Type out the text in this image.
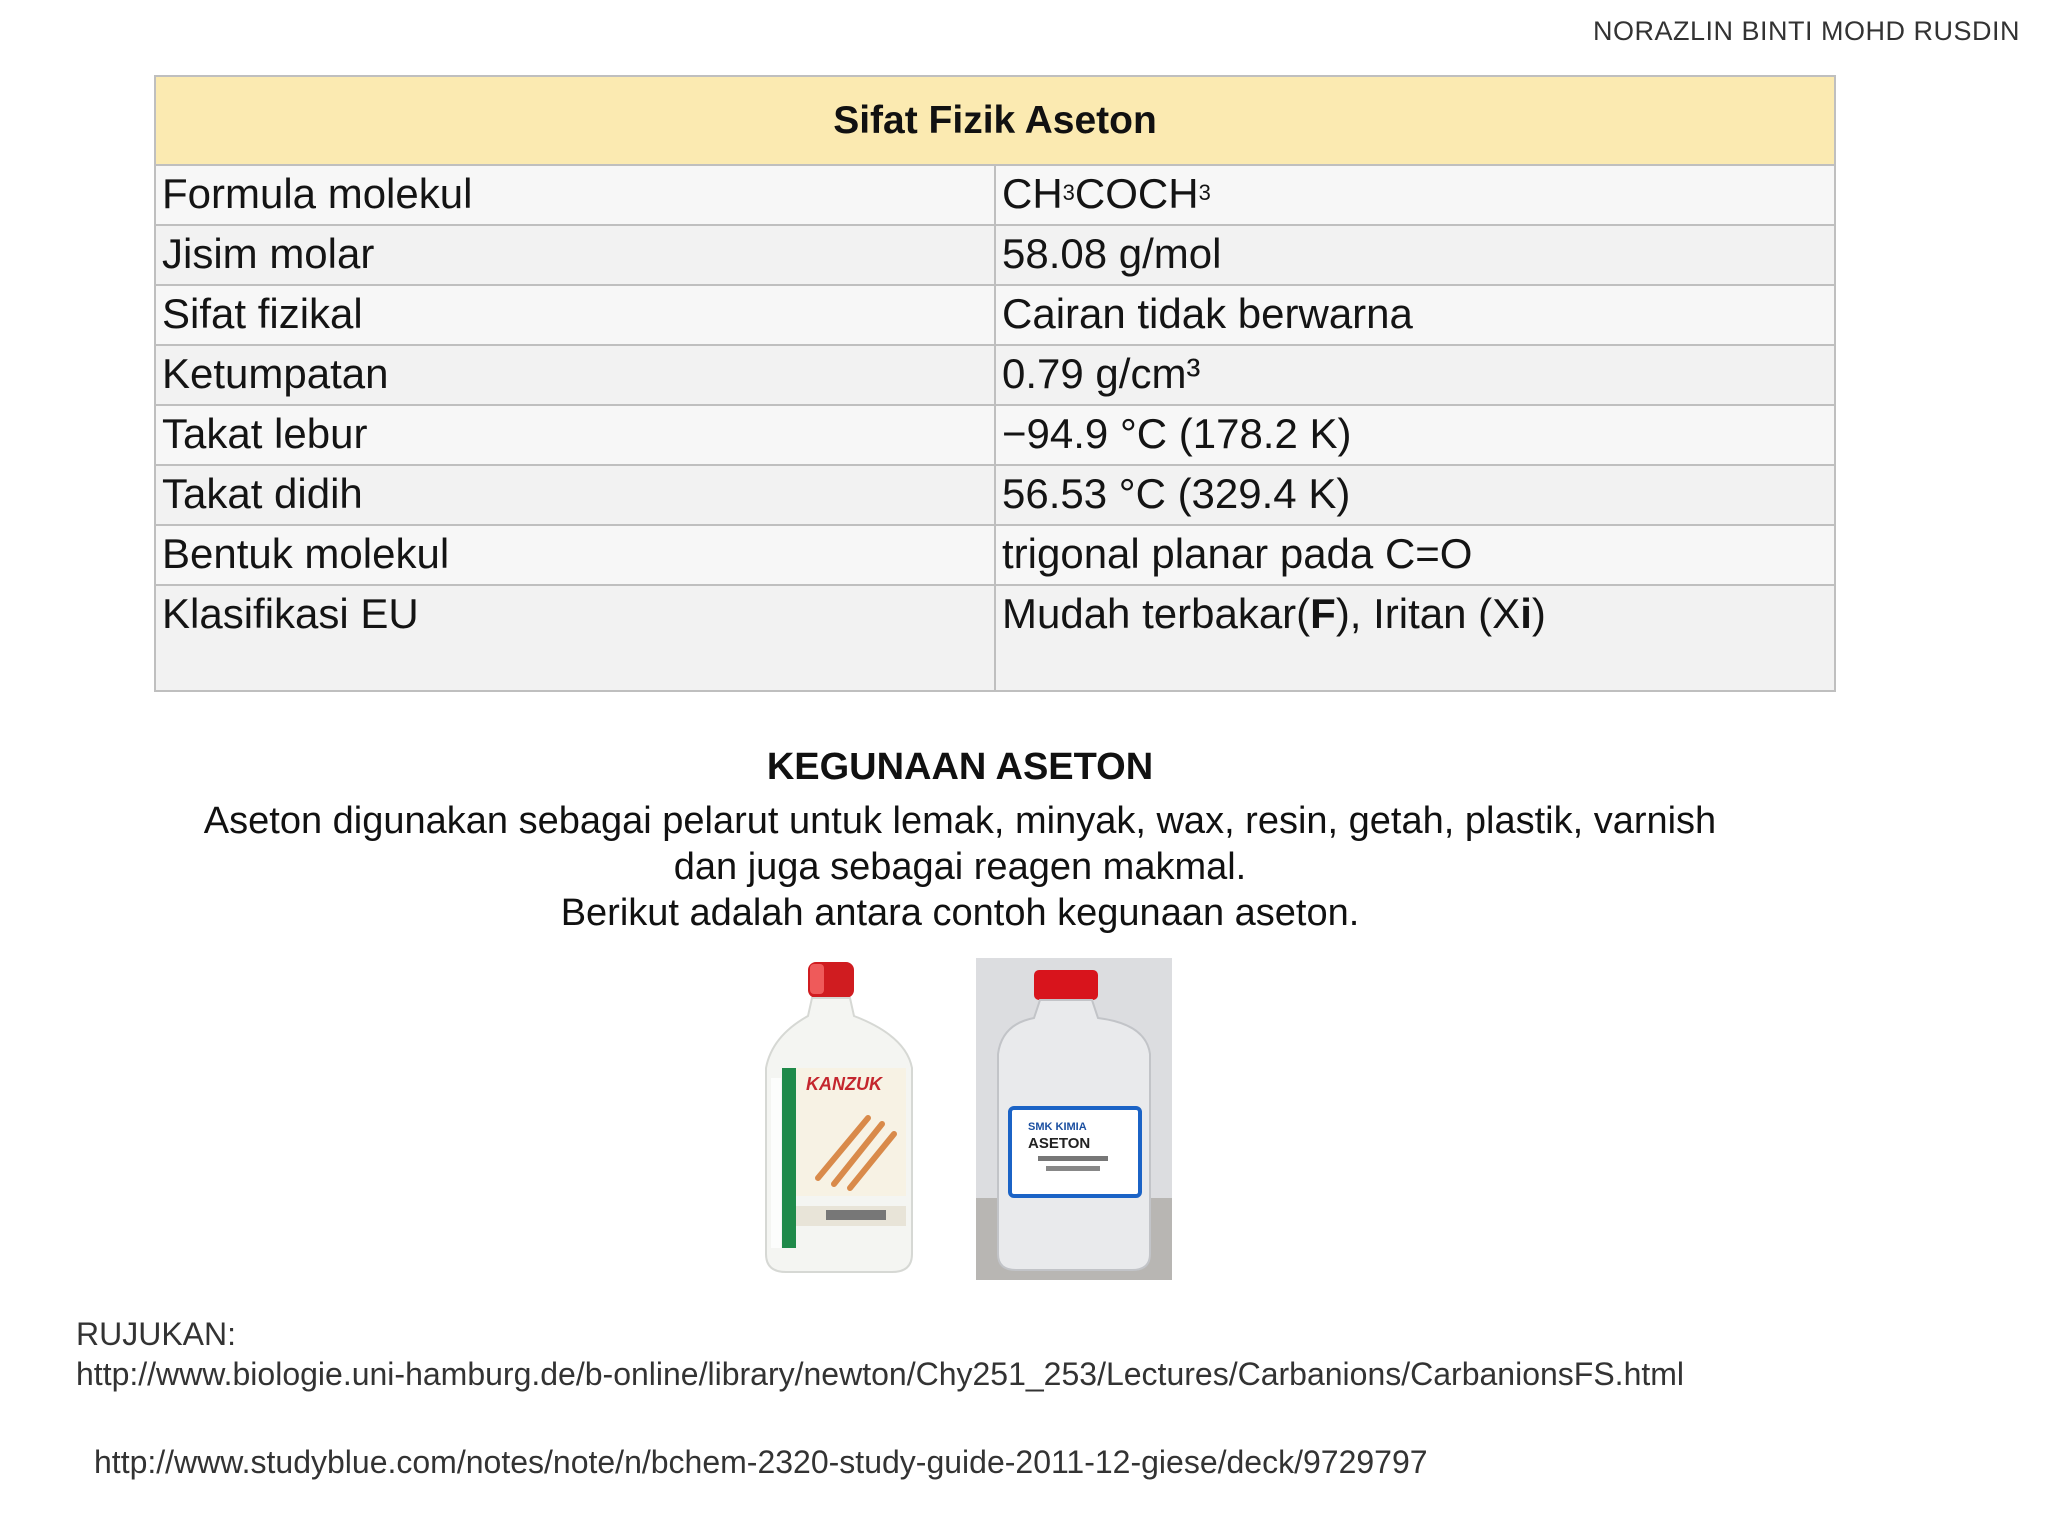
NORAZLIN BINTI MOHD RUSDIN
Sifat Fizik Aseton	
Formula molekul	$CH_3COCH_3$
Jisim molar	58.08 g/mol
Sifat fizikal	Cairan tidak berwarna
Ketumpatan	0.79 g/cm³
Takat lebur	−94.9 °C (178.2 K)
Takat didih	56.53 °C (329.4 K)
Bentuk molekul	trigonal planar pada C=O
Klasifikasi EU	Mudah terbakar(F), Iritan (Xi)
KEGUNAAN ASETON
Aseton digunakan sebagai pelarut untuk lemak, minyak, wax, resin, getah, plastik, varnish
dan juga sebagai reagen makmal.
Berikut adalah antara contoh kegunaan aseton.
KANZUK
SMK KIMIA
ASETON
RUJUKAN:
http://www.biologie.uni-hamburg.de/b-online/library/newton/Chy251_253/Lectures/Carbanions/CarbanionsFS.html
http://www.studyblue.com/notes/note/n/bchem-2320-study-guide-2011-12-giese/deck/9729797
